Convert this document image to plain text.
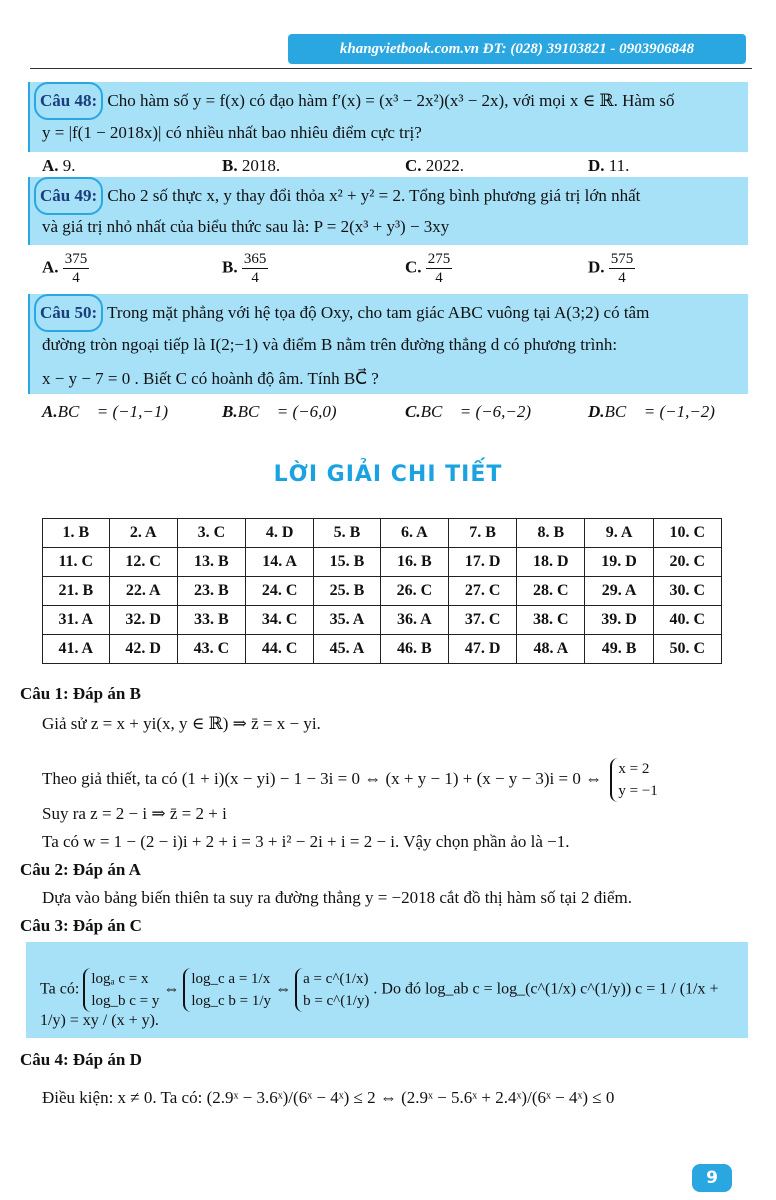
khangvietbook.com.vn ĐT: (028) 39103821 - 0903906848
Câu 48: Cho hàm số y = f(x) có đạo hàm f′(x) = (x³ − 2x²)(x³ − 2x), với mọi x ∈ ℝ. Hàm số
y = |f(1 − 2018x)| có nhiều nhất bao nhiêu điểm cực trị?
A. 9.	B. 2018.	C. 2022.	D. 11.
Câu 49: Cho 2 số thực x, y thay đổi thỏa x² + y² = 2. Tổng bình phương giá trị lớn nhất
và giá trị nhỏ nhất của biểu thức sau là: P = 2(x³ + y³) − 3xy
A. $\frac{375}{4}$	B. $\frac{365}{4}$	C. $\frac{275}{4}$	D. $\frac{575}{4}$
Câu 50: Trong mặt phẳng với hệ tọa độ Oxy, cho tam giác ABC vuông tại A(3;2) có tâm
đường tròn ngoại tiếp là I(2;−1) và điểm B nằm trên đường thẳng d có phương trình:
x − y − 7 = 0 . Biết C có hoành độ âm. Tính BC⃗ ?
A.BC⃗ = (−1,−1)	B.BC⃗ = (−6,0)	C.BC⃗ = (−6,−2)	D.BC⃗ = (−1,−2)
LỜI GIẢI CHI TIẾT
1. B	2. A	3. C	4. D	5. B	6. A	7. B	8. B	9. A	10. C
11. C	12. C	13. B	14. A	15. B	16. B	17. D	18. D	19. D	20. C
21. B	22. A	23. B	24. C	25. B	26. C	27. C	28. C	29. A	30. C
31. A	32. D	33. B	34. C	35. A	36. A	37. C	38. C	39. D	40. C
41. A	42. D	43. C	44. C	45. A	46. B	47. D	48. A	49. B	50. C
Câu 1: Đáp án B
Giả sử z = x + yi(x, y ∈ ℝ) ⇒ z̄ = x − yi.
Theo giả thiết, ta có (1 + i)(x − yi) − 1 − 3i = 0 ⇔ (x + y − 1) + (x − y − 3)i = 0 ⇔ x = 2
y = −1
Suy ra z = 2 − i ⇒ z̄ = 2 + i
Ta có w = 1 − (2 − i)i + 2 + i = 3 + i² − 2i + i = 2 − i. Vậy chọn phần ảo là −1.
Câu 2: Đáp án A
Dựa vào bảng biến thiên ta suy ra đường thẳng y = −2018 cắt đồ thị hàm số tại 2 điểm.
Câu 3: Đáp án C
Ta có:
logₐ c = x
log_b c = y
⇔
log_c a = 1/x
log_c b = 1/y
⇔
a = c^(1/x)
b = c^(1/y)
. Do đó log_ab c = log_(c^(1/x) c^(1/y)) c = 1 / (1/x + 1/y) = xy / (x + y).
Câu 4: Đáp án D
Điều kiện: x ≠ 0. Ta có: (2.9ˣ − 3.6ˣ)/(6ˣ − 4ˣ) ≤ 2 ⇔ (2.9ˣ − 5.6ˣ + 2.4ˣ)/(6ˣ − 4ˣ) ≤ 0
9
